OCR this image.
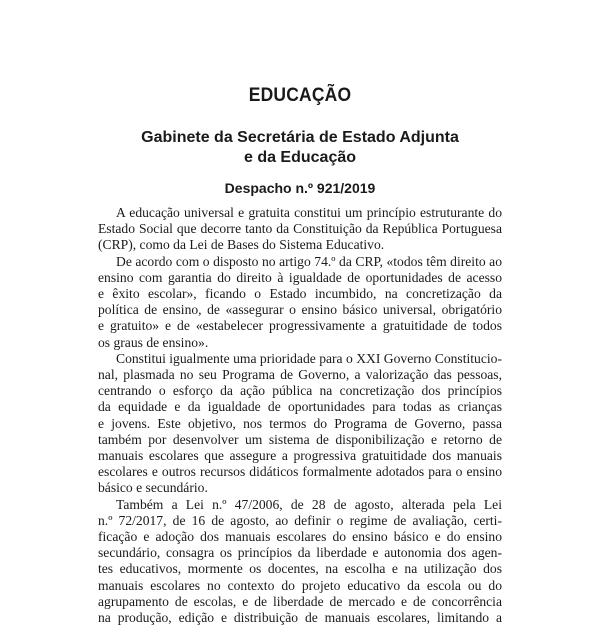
EDUCAÇÃO
Gabinete da Secretária de Estado Adjunta
e da Educação
Despacho n.º 921/2019

A educação universal e gratuita constitui um princípio estruturante do
Estado Social que decorre tanto da Constituição da República Portuguesa
(CRP), como da Lei de Bases do Sistema Educativo.

De acordo com o disposto no artigo 74.º da CRP, «todos têm direito ao
ensino com garantia do direito à igualdade de oportunidades de acesso
e êxito escolar», ficando o Estado incumbido, na concretização da
política de ensino, de «assegurar o ensino básico universal, obrigatório
e gratuito» e de «estabelecer progressivamente a gratuitidade de todos
os graus de ensino».

Constitui igualmente uma prioridade para o XXI Governo Constitucio-
nal, plasmada no seu Programa de Governo, a valorização das pessoas,
centrando o esforço da ação pública na concretização dos princípios
da equidade e da igualdade de oportunidades para todas as crianças
e jovens. Este objetivo, nos termos do Programa de Governo, passa
também por desenvolver um sistema de disponibilização e retorno de
manuais escolares que assegure a progressiva gratuitidade dos manuais
escolares e outros recursos didáticos formalmente adotados para o ensino
básico e secundário.

Também a Lei n.º 47/2006, de 28 de agosto, alterada pela Lei
n.º 72/2017, de 16 de agosto, ao definir o regime de avaliação, certi-
ficação e adoção dos manuais escolares do ensino básico e do ensino
secundário, consagra os princípios da liberdade e autonomia dos agen-
tes educativos, mormente os docentes, na escolha e na utilização dos
manuais escolares no contexto do projeto educativo da escola ou do
agrupamento de escolas, e de liberdade de mercado e de concorrência
na produção, edição e distribuição de manuais escolares, limitando a
